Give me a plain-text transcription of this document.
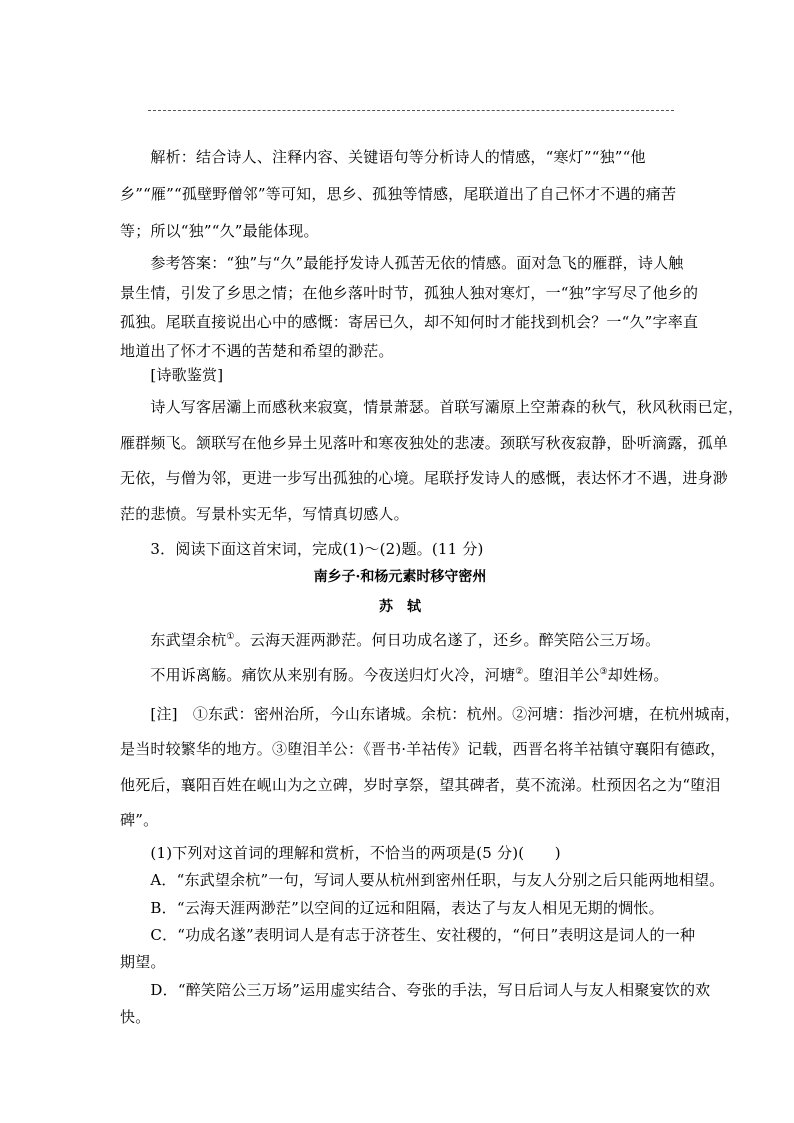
　　解析：结合诗人、注释内容、关键语句等分析诗人的情感，“寒灯”“独”“他
乡”“雁”“孤壁野僧邻”等可知，思乡、孤独等情感，尾联道出了自己怀才不遇的痛苦
等；所以“独”“久”最能体现。
　　参考答案：“独”与“久”最能抒发诗人孤苦无依的情感。面对急飞的雁群，诗人触
景生情，引发了乡思之情；在他乡落叶时节，孤独人独对寒灯，一“独”字写尽了他乡的
孤独。尾联直接说出心中的感慨：寄居已久，却不知何时才能找到机会？一“久”字率直
地道出了怀才不遇的苦楚和希望的渺茫。
　　[诗歌鉴赏]
　　诗人写客居灞上而感秋来寂寞，情景萧瑟。首联写灞原上空萧森的秋气，秋风秋雨已定，
雁群频飞。颔联写在他乡异土见落叶和寒夜独处的悲凄。颈联写秋夜寂静，卧听滴露，孤单
无依，与僧为邻，更进一步写出孤独的心境。尾联抒发诗人的感慨，表达怀才不遇，进身渺
茫的悲愤。写景朴实无华，写情真切感人。
　　3．阅读下面这首宋词，完成(1)～(2)题。(11 分)
南乡子·和杨元素时移守密州
苏　轼
　　东武望余杭①。云海天涯两渺茫。何日功成名遂了，还乡。醉笑陪公三万场。
　　不用诉离觞。痛饮从来别有肠。今夜送归灯火冷，河塘②。堕泪羊公③却姓杨。
　　[注]　①东武：密州治所，今山东诸城。余杭：杭州。②河塘：指沙河塘，在杭州城南，
是当时较繁华的地方。③堕泪羊公：《晋书·羊祜传》记载，西晋名将羊祜镇守襄阳有德政，
他死后，襄阳百姓在岘山为之立碑，岁时享祭，望其碑者，莫不流涕。杜预因名之为“堕泪
碑”。
　　(1)下列对这首词的理解和赏析，不恰当的两项是(5 分)(　　)
　　A．“东武望余杭”一句，写词人要从杭州到密州任职，与友人分别之后只能两地相望。
　　B．“云海天涯两渺茫”以空间的辽远和阻隔，表达了与友人相见无期的惆怅。
　　C．“功成名遂”表明词人是有志于济苍生、安社稷的，“何日”表明这是词人的一种
期望。
　　D．“醉笑陪公三万场”运用虚实结合、夸张的手法，写日后词人与友人相聚宴饮的欢
快。
